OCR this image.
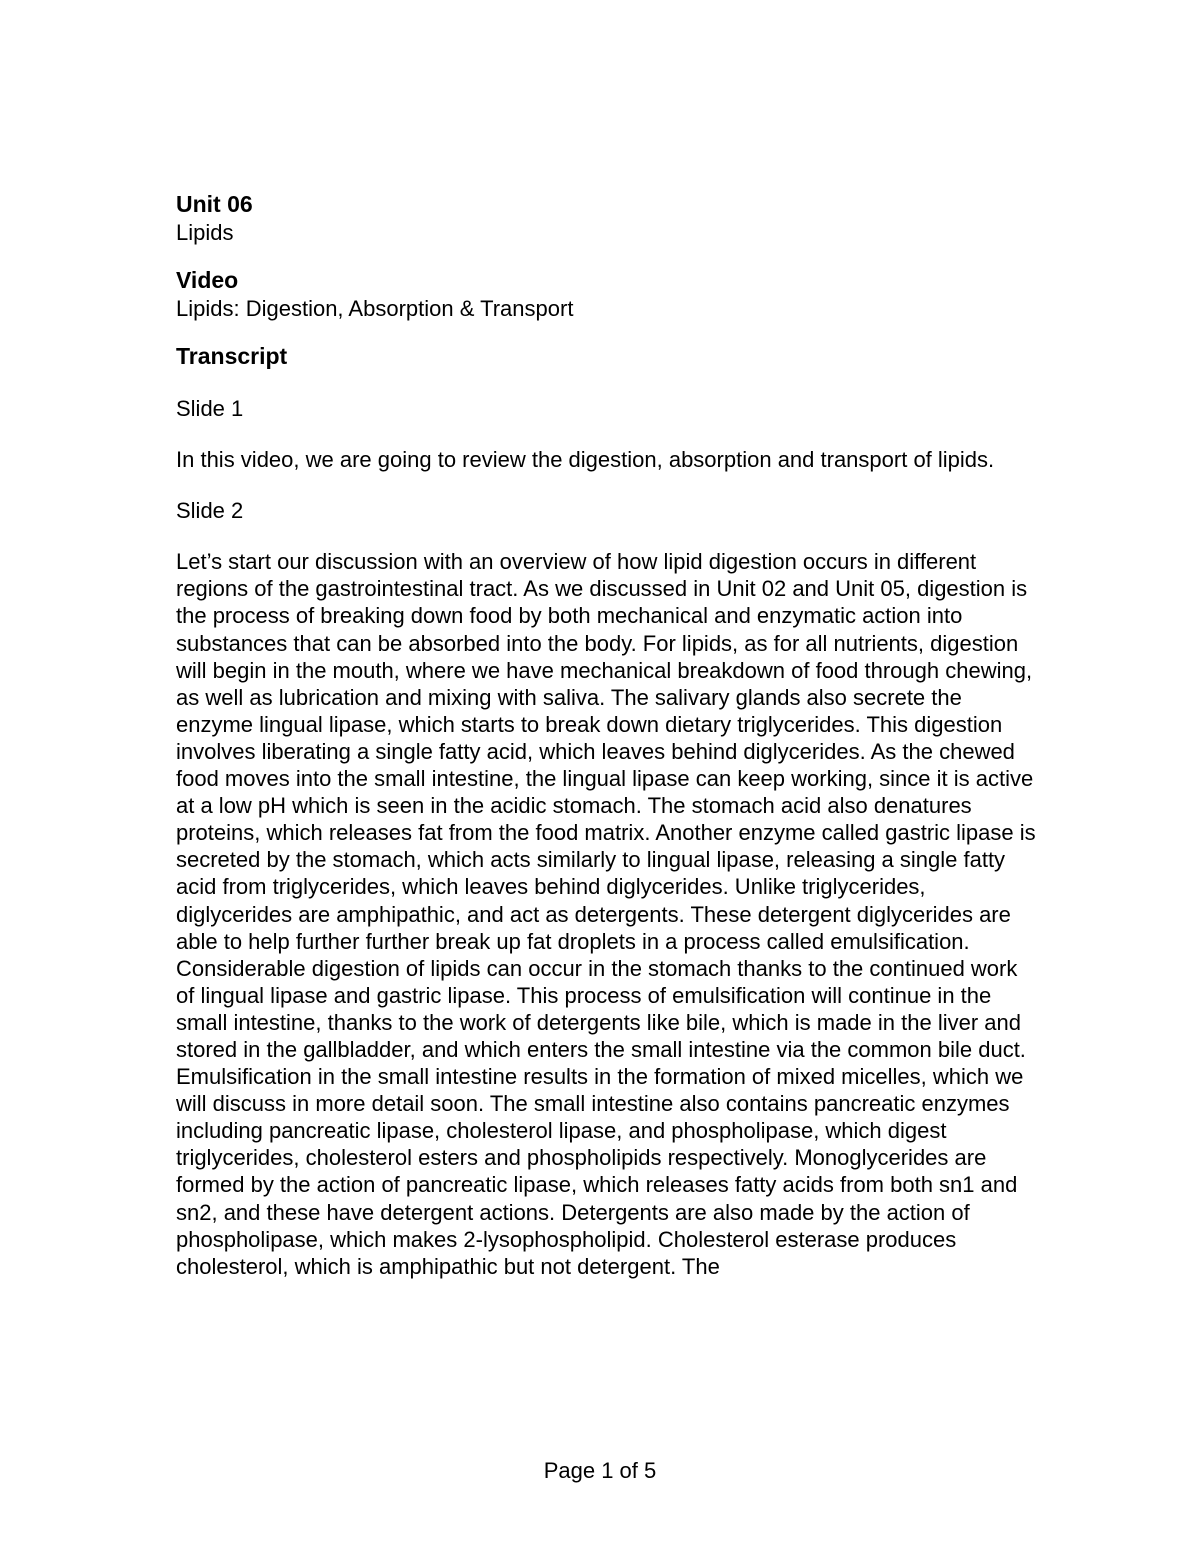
Unit 06

Lipids

Video

Lipids: Digestion, Absorption & Transport

Transcript

Slide 1

In this video, we are going to review the digestion, absorption and transport of lipids.

Slide 2

Let’s start our discussion with an overview of how lipid digestion occurs in different regions of the gastrointestinal tract. As we discussed in Unit 02 and Unit 05, digestion is the process of breaking down food by both mechanical and enzymatic action into substances that can be absorbed into the body. For lipids, as for all nutrients, digestion will begin in the mouth, where we have mechanical breakdown of food through chewing, as well as lubrication and mixing with saliva. The salivary glands also secrete the enzyme lingual lipase, which starts to break down dietary triglycerides. This digestion involves liberating a single fatty acid, which leaves behind diglycerides. As the chewed food moves into the small intestine, the lingual lipase can keep working, since it is active at a low pH which is seen in the acidic stomach. The stomach acid also denatures proteins, which releases fat from the food matrix. Another enzyme called gastric lipase is secreted by the stomach, which acts similarly to lingual lipase, releasing a single fatty acid from triglycerides, which leaves behind diglycerides. Unlike triglycerides, diglycerides are amphipathic, and act as detergents. These detergent diglycerides are able to help further further break up fat droplets in a process called emulsification. Considerable digestion of lipids can occur in the stomach thanks to the continued work of lingual lipase and gastric lipase. This process of emulsification will continue in the small intestine, thanks to the work of detergents like bile, which is made in the liver and stored in the gallbladder, and which enters the small intestine via the common bile duct. Emulsification in the small intestine results in the formation of mixed micelles, which we will discuss in more detail soon. The small intestine also contains pancreatic enzymes including pancreatic lipase, cholesterol lipase, and phospholipase, which digest triglycerides, cholesterol esters and phospholipids respectively. Monoglycerides are formed by the action of pancreatic lipase, which releases fatty acids from both sn1 and sn2, and these have detergent actions. Detergents are also made by the action of phospholipase, which makes 2-lysophospholipid. Cholesterol esterase produces cholesterol, which is amphipathic but not detergent. The

Page 1 of 5
